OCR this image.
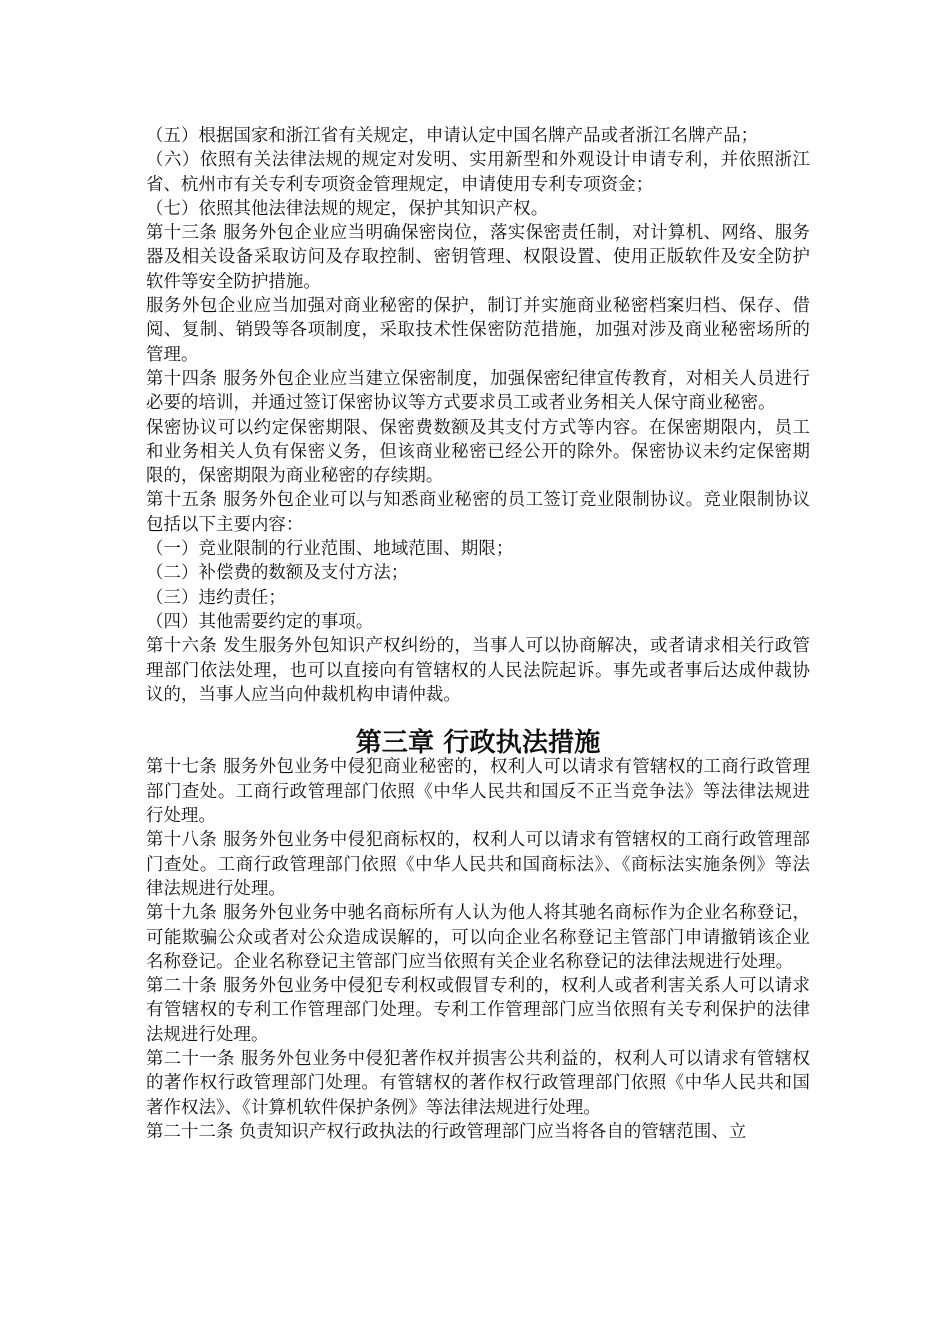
（五）根据国家和浙江省有关规定，申请认定中国名牌产品或者浙江名牌产品；

（六）依照有关法律法规的规定对发明、实用新型和外观设计申请专利，并依照浙江省、杭州市有关专利专项资金管理规定，申请使用专利专项资金；

（七）依照其他法律法规的规定，保护其知识产权。

第十三条 服务外包企业应当明确保密岗位，落实保密责任制，对计算机、网络、服务器及相关设备采取访问及存取控制、密钥管理、权限设置、使用正版软件及安全防护软件等安全防护措施。

服务外包企业应当加强对商业秘密的保护，制订并实施商业秘密档案归档、保存、借阅、复制、销毁等各项制度，采取技术性保密防范措施，加强对涉及商业秘密场所的管理。

第十四条 服务外包企业应当建立保密制度，加强保密纪律宣传教育，对相关人员进行必要的培训，并通过签订保密协议等方式要求员工或者业务相关人保守商业秘密。

保密协议可以约定保密期限、保密费数额及其支付方式等内容。在保密期限内，员工和业务相关人负有保密义务，但该商业秘密已经公开的除外。保密协议未约定保密期限的，保密期限为商业秘密的存续期。

第十五条 服务外包企业可以与知悉商业秘密的员工签订竞业限制协议。竞业限制协议包括以下主要内容：

（一）竞业限制的行业范围、地域范围、期限；

（二）补偿费的数额及支付方法；

（三）违约责任；

（四）其他需要约定的事项。

第十六条 发生服务外包知识产权纠纷的，当事人可以协商解决，或者请求相关行政管理部门依法处理，也可以直接向有管辖权的人民法院起诉。事先或者事后达成仲裁协议的，当事人应当向仲裁机构申请仲裁。

第三章 行政执法措施

第十七条 服务外包业务中侵犯商业秘密的，权利人可以请求有管辖权的工商行政管理部门查处。工商行政管理部门依照《中华人民共和国反不正当竞争法》等法律法规进行处理。

第十八条 服务外包业务中侵犯商标权的，权利人可以请求有管辖权的工商行政管理部门查处。工商行政管理部门依照《中华人民共和国商标法》、《商标法实施条例》等法律法规进行处理。

第十九条 服务外包业务中驰名商标所有人认为他人将其驰名商标作为企业名称登记，可能欺骗公众或者对公众造成误解的，可以向企业名称登记主管部门申请撤销该企业名称登记。企业名称登记主管部门应当依照有关企业名称登记的法律法规进行处理。

第二十条 服务外包业务中侵犯专利权或假冒专利的，权利人或者利害关系人可以请求有管辖权的专利工作管理部门处理。专利工作管理部门应当依照有关专利保护的法律法规进行处理。

第二十一条 服务外包业务中侵犯著作权并损害公共利益的，权利人可以请求有管辖权的著作权行政管理部门处理。有管辖权的著作权行政管理部门依照《中华人民共和国著作权法》、《计算机软件保护条例》等法律法规进行处理。

第二十二条 负责知识产权行政执法的行政管理部门应当将各自的管辖范围、立
